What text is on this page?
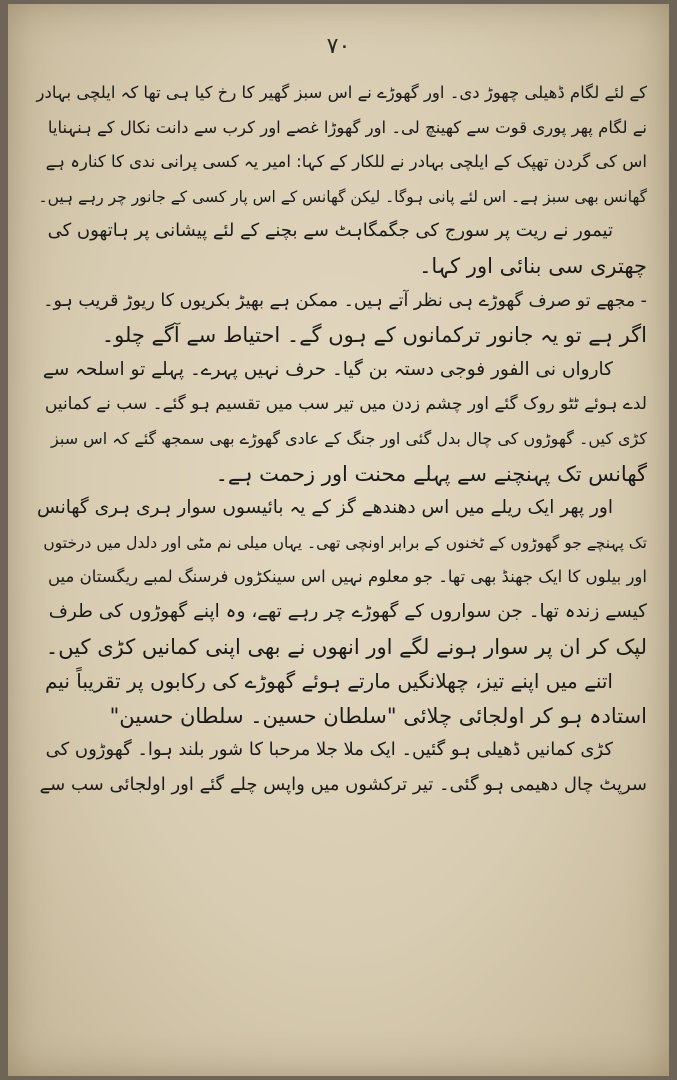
۷۰
کے لئے لگام ڈھیلی چھوڑ دی۔ اور گھوڑے نے اس سبز گھیر کا رخ کیا ہی تھا کہ ایلچی بہادر
نے لگام پھر پوری قوت سے کھینچ لی۔ اور گھوڑا غصے اور کرب سے دانت نکال کے ہنہنایا
اس کی گردن تھپک کے ایلچی بہادر نے للکار کے کہا: امیر یہ کسی پرانی ندی کا کنارہ ہے
گھانس بھی سبز ہے۔ اس لئے پانی ہوگا۔ لیکن گھانس کے اس پار کسی کے جانور چر رہے ہیں۔
تیمور نے ریت پر سورج کی جگمگاہٹ سے بچنے کے لئے پیشانی پر ہاتھوں کی
چھتری سی بنائی اور کہا۔
- مجھے تو صرف گھوڑے ہی نظر آتے ہیں۔ ممکن ہے بھیڑ بکریوں کا ریوڑ قریب ہو۔
اگر ہے تو یہ جانور ترکمانوں کے ہوں گے۔ احتیاط سے آگے چلو۔
کارواں نی الفور فوجی دستہ بن گیا۔ حرف نہیں پہرے۔ پہلے تو اسلحہ سے
لدے ہوئے ٹٹو روک گئے اور چشم زدن میں تیر سب میں تقسیم ہو گئے۔ سب نے کمانیں
کڑی کیں۔ گھوڑوں کی چال بدل گئی اور جنگ کے عادی گھوڑے بھی سمجھ گئے کہ اس سبز
گھانس تک پہنچنے سے پہلے محنت اور زحمت ہے۔
اور پھر ایک ریلے میں اس دھندھے گز کے یہ بائیسوں سوار ہری ہری گھانس
تک پہنچے جو گھوڑوں کے ٹخنوں کے برابر اونچی تھی۔ یہاں میلی نم مٹی اور دلدل میں درختوں
اور بیلوں کا ایک جھنڈ بھی تھا۔ جو معلوم نہیں اس سینکڑوں فرسنگ لمبے ریگستان میں
کیسے زندہ تھا۔ جن سواروں کے گھوڑے چر رہے تھے، وہ اپنے گھوڑوں کی طرف
لپک کر ان پر سوار ہونے لگے اور انھوں نے بھی اپنی کمانیں کڑی کیں۔
اتنے میں اپنے تیز، چھلانگیں مارتے ہوئے گھوڑے کی رکابوں پر تقریباً نیم
استادہ ہو کر اولجائی چلائی "سلطان حسین۔ سلطان حسین"
کڑی کمانیں ڈھیلی ہو گئیں۔ ایک ملا جلا مرحبا کا شور بلند ہوا۔ گھوڑوں کی
سرپٹ چال دھیمی ہو گئی۔ تیر ترکشوں میں واپس چلے گئے اور اولجائی سب سے
